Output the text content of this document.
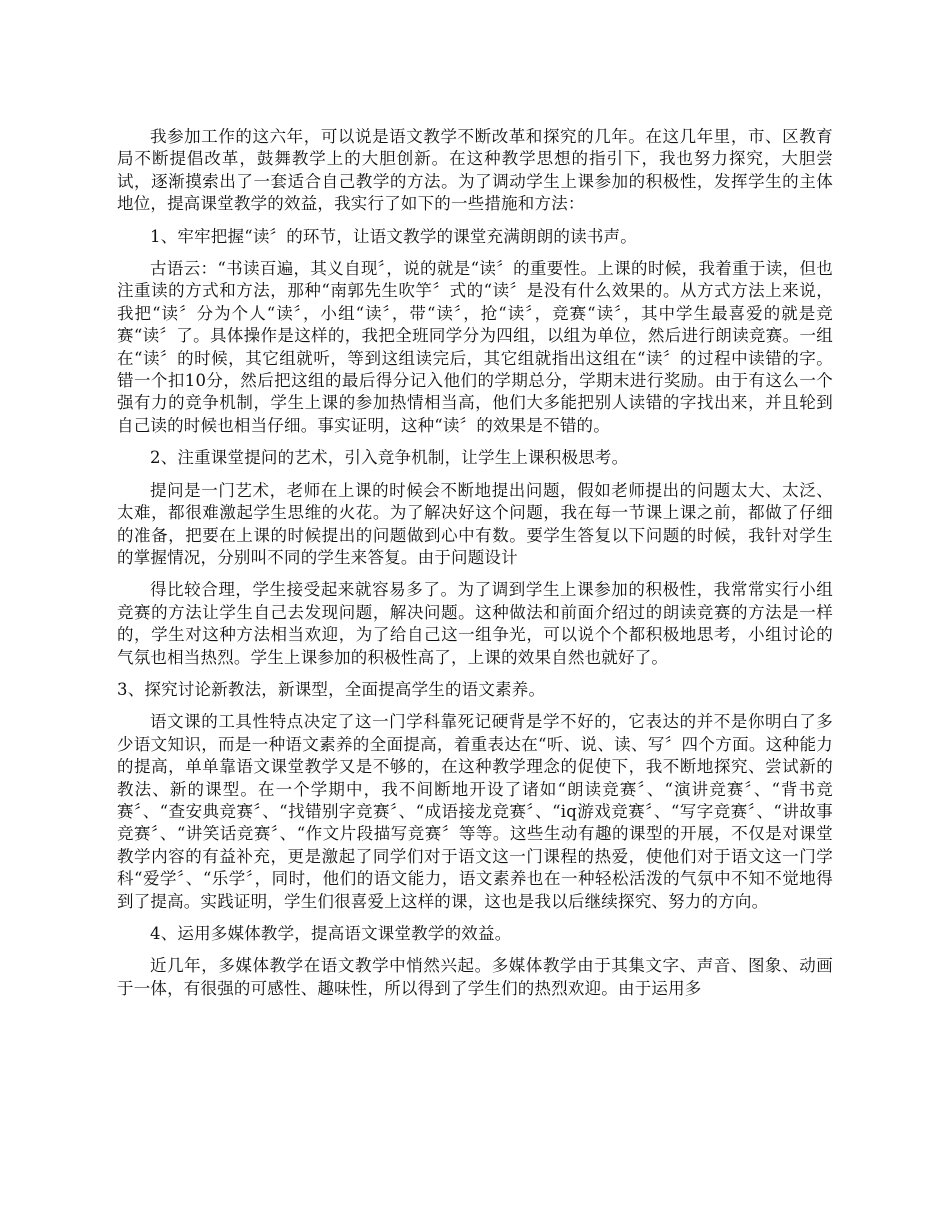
我参加工作的这六年，可以说是语文教学不断改革和探究的几年。在这几年里，市、区教育局不断提倡改革，鼓舞教学上的大胆创新。在这种教学思想的指引下，我也努力探究，大胆尝试，逐渐摸索出了一套适合自己教学的方法。为了调动学生上课参加的积极性，发挥学生的主体地位，提高课堂教学的效益，我实行了如下的一些措施和方法：

1、牢牢把握“读〞的环节，让语文教学的课堂充满朗朗的读书声。

古语云：“书读百遍，其义自现〞，说的就是“读〞的重要性。上课的时候，我着重于读，但也注重读的方式和方法，那种“南郭先生吹竽〞式的“读〞是没有什么效果的。从方式方法上来说，我把“读〞分为个人“读〞，小组“读〞，带“读〞，抢“读〞，竞赛“读〞，其中学生最喜爱的就是竞赛“读〞了。具体操作是这样的，我把全班同学分为四组，以组为单位，然后进行朗读竞赛。一组在“读〞的时候，其它组就听，等到这组读完后，其它组就指出这组在“读〞的过程中读错的字。错一个扣10分，然后把这组的最后得分记入他们的学期总分，学期末进行奖励。由于有这么一个强有力的竞争机制，学生上课的参加热情相当高，他们大多能把别人读错的字找出来，并且轮到自己读的时候也相当仔细。事实证明，这种“读〞的效果是不错的。

2、注重课堂提问的艺术，引入竞争机制，让学生上课积极思考。

提问是一门艺术，老师在上课的时候会不断地提出问题，假如老师提出的问题太大、太泛、太难，都很难激起学生思维的火花。为了解决好这个问题，我在每一节课上课之前，都做了仔细的准备，把要在上课的时候提出的问题做到心中有数。要学生答复以下问题的时候，我针对学生的掌握情况，分别叫不同的学生来答复。由于问题设计

得比较合理，学生接受起来就容易多了。为了调到学生上课参加的积极性，我常常实行小组竞赛的方法让学生自己去发现问题，解决问题。这种做法和前面介绍过的朗读竞赛的方法是一样的，学生对这种方法相当欢迎，为了给自己这一组争光，可以说个个都积极地思考，小组讨论的气氛也相当热烈。学生上课参加的积极性高了，上课的效果自然也就好了。

3、探究讨论新教法，新课型，全面提高学生的语文素养。

语文课的工具性特点决定了这一门学科靠死记硬背是学不好的，它表达的并不是你明白了多少语文知识，而是一种语文素养的全面提高，着重表达在“听、说、读、写〞四个方面。这种能力的提高，单单靠语文课堂教学又是不够的，在这种教学理念的促使下，我不断地探究、尝试新的教法、新的课型。在一个学期中，我不间断地开设了诸如“朗读竞赛〞、“演讲竞赛〞、“背书竞赛〞、“查安典竞赛〞、“找错别字竞赛〞、“成语接龙竞赛〞、“iq游戏竞赛〞、“写字竞赛〞、“讲故事竞赛〞、“讲笑话竞赛〞、“作文片段描写竞赛〞等等。这些生动有趣的课型的开展，不仅是对课堂教学内容的有益补充，更是激起了同学们对于语文这一门课程的热爱，使他们对于语文这一门学科“爱学〞、“乐学〞，同时，他们的语文能力，语文素养也在一种轻松活泼的气氛中不知不觉地得到了提高。实践证明，学生们很喜爱上这样的课，这也是我以后继续探究、努力的方向。

4、运用多媒体教学，提高语文课堂教学的效益。

近几年，多媒体教学在语文教学中悄然兴起。多媒体教学由于其集文字、声音、图象、动画于一体，有很强的可感性、趣味性，所以得到了学生们的热烈欢迎。由于运用多
